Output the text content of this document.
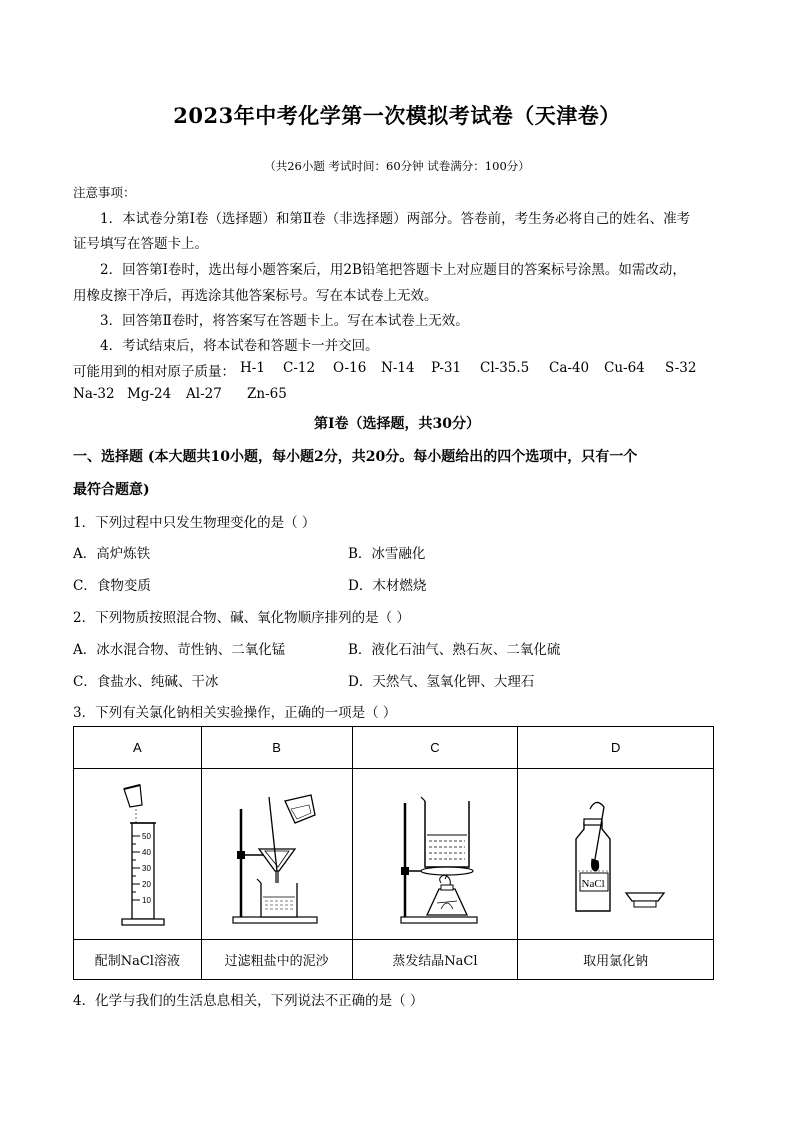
2023年中考化学第一次模拟考试卷（天津卷）
（共26小题 考试时间：60分钟 试卷满分：100分）
注意事项：
1．本试卷分第Ⅰ卷（选择题）和第Ⅱ卷（非选择题）两部分。答卷前，考生务必将自己的姓名、准考
证号填写在答题卡上。
2．回答第Ⅰ卷时，选出每小题答案后，用2B铅笔把答题卡上对应题目的答案标号涂黑。如需改动，
用橡皮擦干净后，再选涂其他答案标号。写在本试卷上无效。
3．回答第Ⅱ卷时，将答案写在答题卡上。写在本试卷上无效。
4．考试结束后，将本试卷和答题卡一并交回。
可能用到的相对原子质量： H-1 C-12 O-16 N-14 P-31 Cl-35.5 Ca-40 Cu-64 S-32
Na-32 Mg-24 Al-27 Zn-65
第Ⅰ卷（选择题，共30分）
一、选择题 (本大题共10小题，每小题2分，共20分。每小题给出的四个选项中，只有一个
最符合题意)
1．下列过程中只发生物理变化的是（ ）
A．高炉炼铁	B．冰雪融化
C．食物变质	D．木材燃烧
2．下列物质按照混合物、碱、氧化物顺序排列的是（ ）
A．冰水混合物、苛性钠、二氧化锰	B．液化石油气、熟石灰、二氧化硫
C．食盐水、纯碱、干冰	D．天然气、氢氧化钾、大理石
3．下列有关氯化钠相关实验操作，正确的一项是（ ）
A	B	C	D

50
40
30
20
10			NaCl

配制NaCl溶液	过滤粗盐中的泥沙	蒸发结晶NaCl	取用氯化钠
4．化学与我们的生活息息相关，下列说法不正确的是（ ）
